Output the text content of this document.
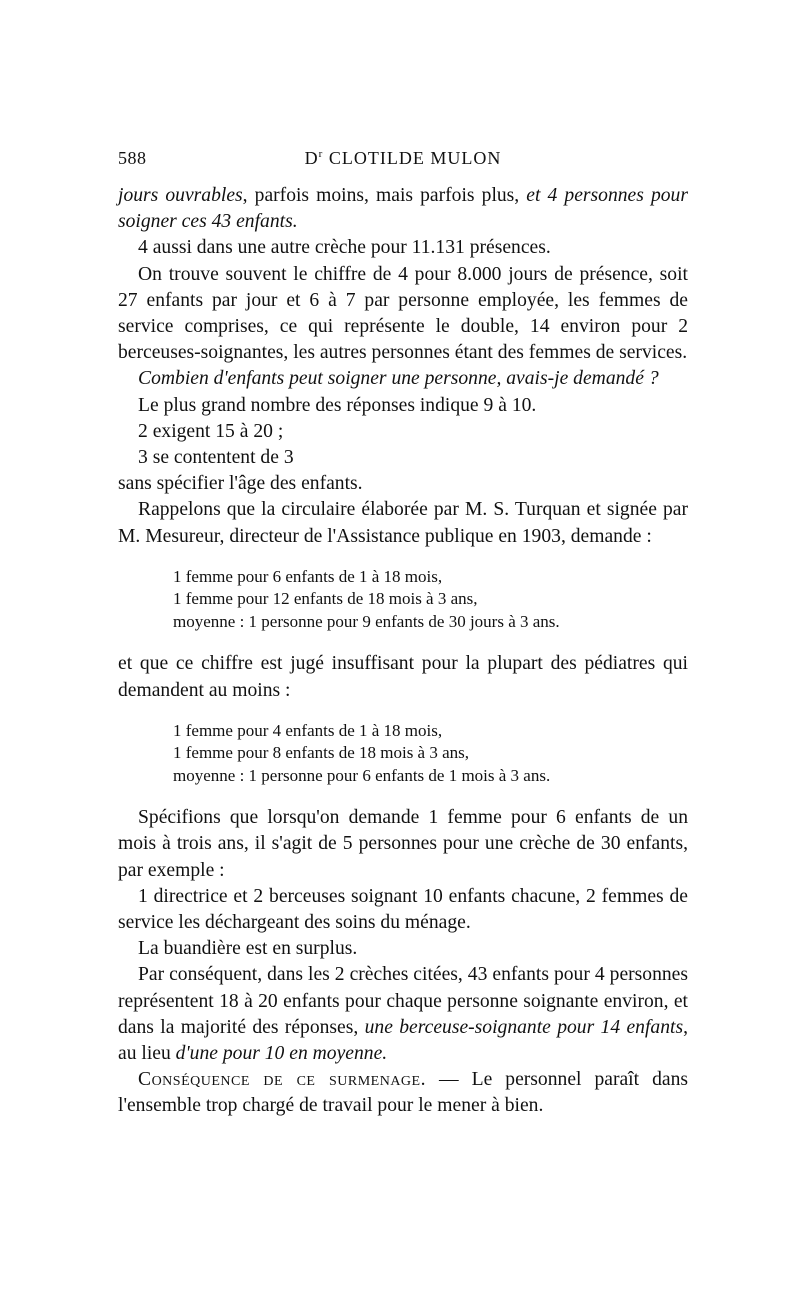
588	$D^r$ CLOTILDE MULON

jours ouvrables, parfois moins, mais parfois plus, et 4 personnes pour soigner ces 43 enfants.

4 aussi dans une autre crèche pour 11.131 présences.

On trouve souvent le chiffre de 4 pour 8.000 jours de présence, soit 27 enfants par jour et 6 à 7 par personne employée, les femmes de service comprises, ce qui représente le double, 14 environ pour 2 berceuses-soignantes, les autres personnes étant des femmes de services.

Combien d'enfants peut soigner une personne, avais-je demandé ?

Le plus grand nombre des réponses indique 9 à 10.

2 exigent 15 à 20 ;

3 se contentent de 3

sans spécifier l'âge des enfants.

Rappelons que la circulaire élaborée par M. S. Turquan et signée par M. Mesureur, directeur de l'Assistance publique en 1903, demande :

1 femme pour 6 enfants de 1 à 18 mois,
1 femme pour 12 enfants de 18 mois à 3 ans,
moyenne : 1 personne pour 9 enfants de 30 jours à 3 ans.

et que ce chiffre est jugé insuffisant pour la plupart des pédiatres qui demandent au moins :

1 femme pour 4 enfants de 1 à 18 mois,
1 femme pour 8 enfants de 18 mois à 3 ans,
moyenne : 1 personne pour 6 enfants de 1 mois à 3 ans.

Spécifions que lorsqu'on demande 1 femme pour 6 enfants de un mois à trois ans, il s'agit de 5 personnes pour une crèche de 30 enfants, par exemple :

1 directrice et 2 berceuses soignant 10 enfants chacune, 2 femmes de service les déchargeant des soins du ménage.

La buandière est en surplus.

Par conséquent, dans les 2 crèches citées, 43 enfants pour 4 personnes représentent 18 à 20 enfants pour chaque personne soignante environ, et dans la majorité des réponses, une berceuse-soignante pour 14 enfants, au lieu d'une pour 10 en moyenne.

Conséquence de ce surmenage. — Le personnel paraît dans l'ensemble trop chargé de travail pour le mener à bien.
